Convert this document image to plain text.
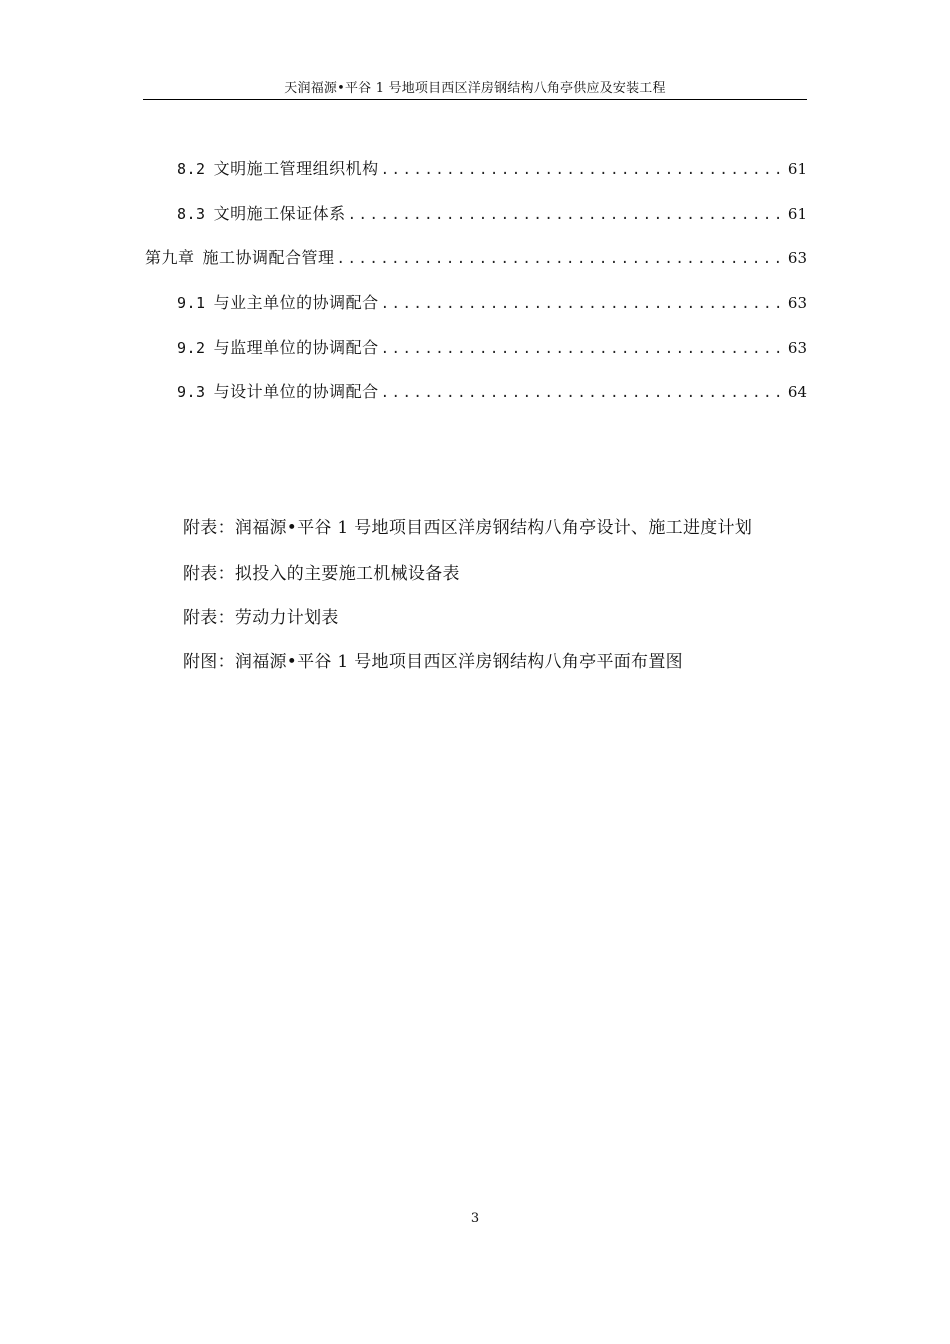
天润福源•平谷 1 号地项目西区洋房钢结构八角亭供应及安装工程
8.2 文明施工管理组织机构 .....	61
8.3 文明施工保证体系 .....	61
第九章 施工协调配合管理 .....	63
9.1 与业主单位的协调配合 .....	63
9.2 与监理单位的协调配合 .....	63
9.3 与设计单位的协调配合 .....	64
附表：润福源•平谷 1 号地项目西区洋房钢结构八角亭设计、施工进度计划
附表：拟投入的主要施工机械设备表
附表：劳动力计划表
附图：润福源•平谷 1 号地项目西区洋房钢结构八角亭平面布置图
3
